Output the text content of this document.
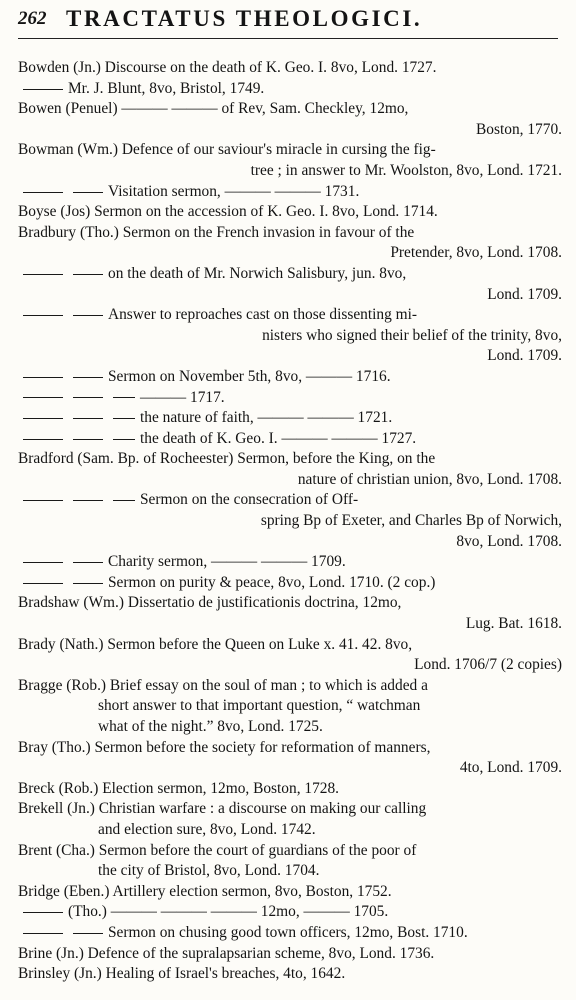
262 TRACTATUS THEOLOGICI.

Bowden (Jn.) Discourse on the death of K. Geo. I. 8vo, Lond. 1727.

Mr. J. Blunt, 8vo, Bristol, 1749.

Bowen (Penuel) ——— ——— of Rev, Sam. Checkley, 12mo,

Boston, 1770.

Bowman (Wm.) Defence of our saviour's miracle in cursing the fig-

tree ; in answer to Mr. Woolston, 8vo, Lond. 1721.

Visitation sermon, ——— ——— 1731.

Boyse (Jos) Sermon on the accession of K. Geo. I. 8vo, Lond. 1714.

Bradbury (Tho.) Sermon on the French invasion in favour of the

Pretender, 8vo, Lond. 1708.

on the death of Mr. Norwich Salisbury, jun. 8vo,

Lond. 1709.

Answer to reproaches cast on those dissenting mi-

nisters who signed their belief of the trinity, 8vo,

Lond. 1709.

Sermon on November 5th, 8vo, ——— 1716.

——— 1717.

the nature of faith, ——— ——— 1721.

the death of K. Geo. I. ——— ——— 1727.

Bradford (Sam. Bp. of Rocheester) Sermon, before the King, on the

nature of christian union, 8vo, Lond. 1708.

Sermon on the consecration of Off-

spring Bp of Exeter, and Charles Bp of Norwich,

8vo, Lond. 1708.

Charity sermon, ——— ——— 1709.

Sermon on purity & peace, 8vo, Lond. 1710. (2 cop.)

Bradshaw (Wm.) Dissertatio de justificationis doctrina, 12mo,

Lug. Bat. 1618.

Brady (Nath.) Sermon before the Queen on Luke x. 41. 42. 8vo,

Lond. 1706/7 (2 copies)

Bragge (Rob.) Brief essay on the soul of man ; to which is added a

short answer to that important question, “ watchman

what of the night.” 8vo, Lond. 1725.

Bray (Tho.) Sermon before the society for reformation of manners,

4to, Lond. 1709.

Breck (Rob.) Election sermon, 12mo, Boston, 1728.

Brekell (Jn.) Christian warfare : a discourse on making our calling

and election sure, 8vo, Lond. 1742.

Brent (Cha.) Sermon before the court of guardians of the poor of

the city of Bristol, 8vo, Lond. 1704.

Bridge (Eben.) Artillery election sermon, 8vo, Boston, 1752.

(Tho.) ——— ——— ——— 12mo, ——— 1705.

Sermon on chusing good town officers, 12mo, Bost. 1710.

Brine (Jn.) Defence of the supralapsarian scheme, 8vo, Lond. 1736.

Brinsley (Jn.) Healing of Israel's breaches, 4to, 1642.
